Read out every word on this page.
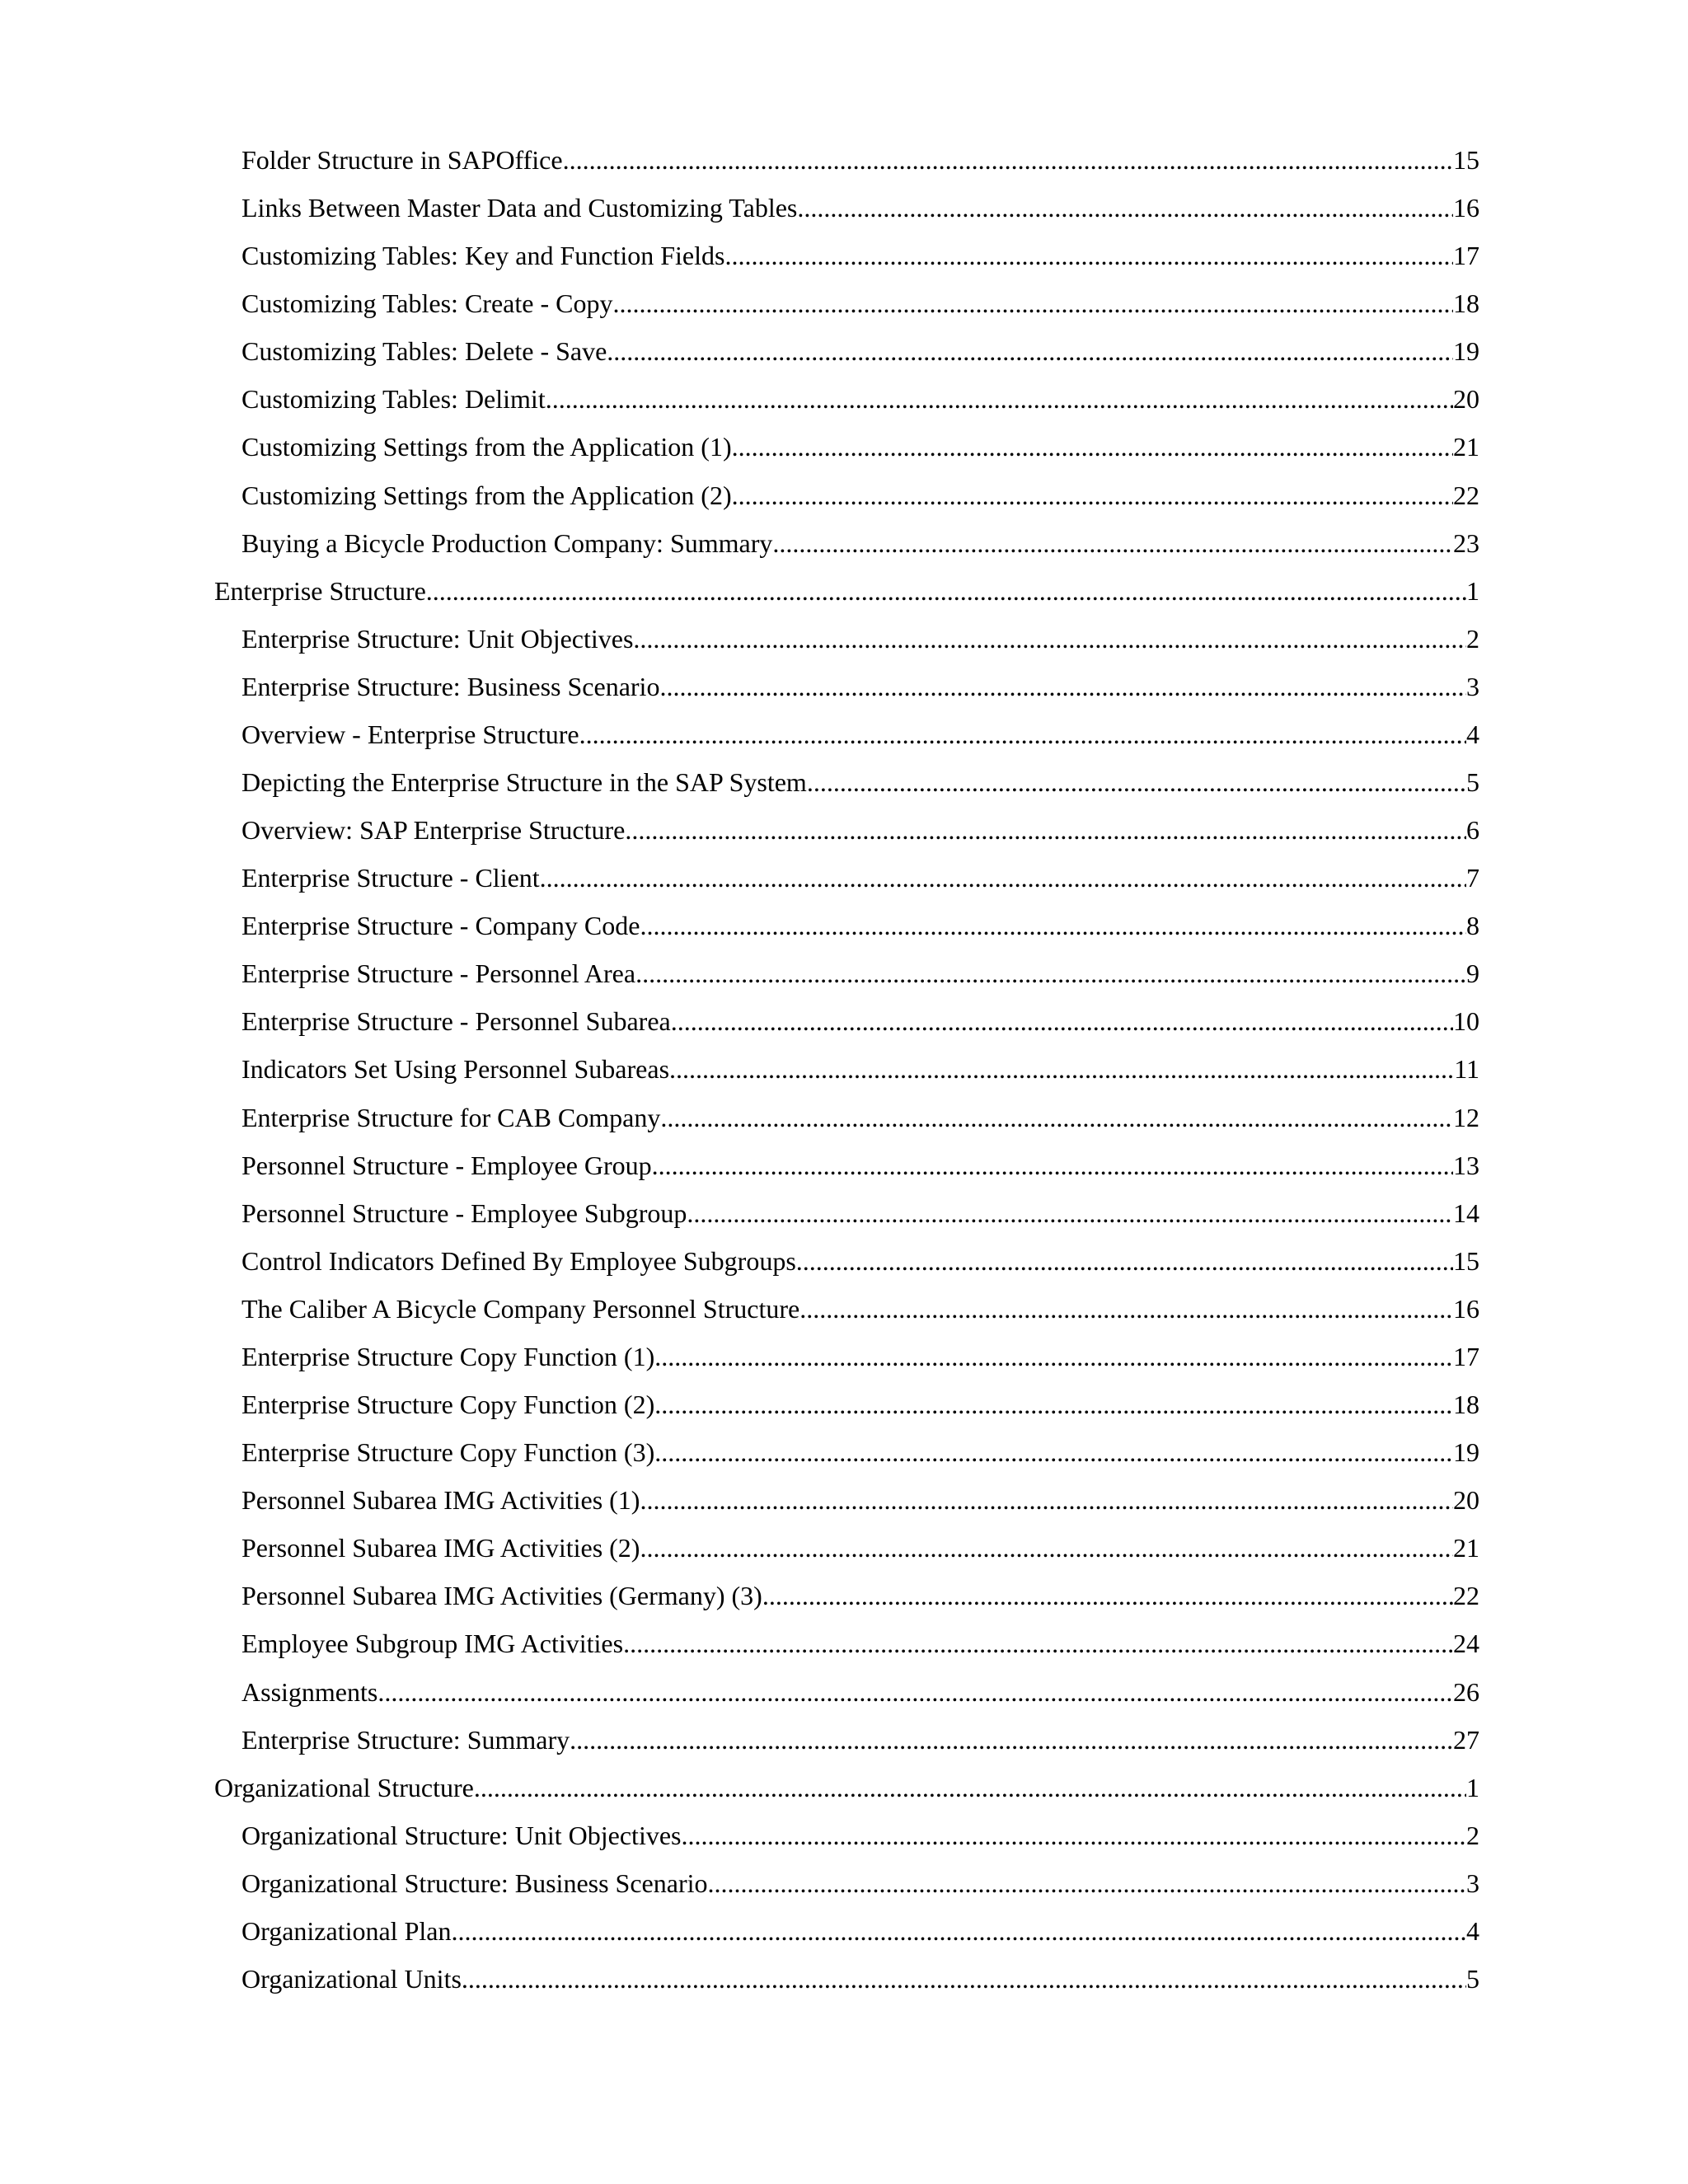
Folder Structure in SAPOffice .....	15
Links Between Master Data and Customizing Tables .....	16
Customizing Tables: Key and Function Fields .....	17
Customizing Tables: Create - Copy .....	18
Customizing Tables: Delete - Save .....	19
Customizing Tables: Delimit .....	20
Customizing Settings from the Application (1) .....	21
Customizing Settings from the Application (2) .....	22
Buying a Bicycle Production Company: Summary .....	23
Enterprise Structure .....	1
Enterprise Structure: Unit Objectives .....	2
Enterprise Structure: Business Scenario .....	3
Overview - Enterprise Structure .....	4
Depicting the Enterprise Structure in the SAP System .....	5
Overview: SAP Enterprise Structure .....	6
Enterprise Structure - Client .....	7
Enterprise Structure - Company Code .....	8
Enterprise Structure - Personnel Area .....	9
Enterprise Structure - Personnel Subarea .....	10
Indicators Set Using Personnel Subareas .....	11
Enterprise Structure for CAB Company .....	12
Personnel Structure - Employee Group .....	13
Personnel Structure - Employee Subgroup .....	14
Control Indicators Defined By Employee Subgroups .....	15
The Caliber A Bicycle Company Personnel Structure .....	16
Enterprise Structure Copy Function (1) .....	17
Enterprise Structure Copy Function (2) .....	18
Enterprise Structure Copy Function (3) .....	19
Personnel Subarea IMG Activities (1) .....	20
Personnel Subarea IMG Activities (2) .....	21
Personnel Subarea IMG Activities (Germany) (3) .....	22
Employee Subgroup IMG Activities .....	24
Assignments .....	26
Enterprise Structure: Summary .....	27
Organizational Structure .....	1
Organizational Structure: Unit Objectives .....	2
Organizational Structure: Business Scenario .....	3
Organizational Plan .....	4
Organizational Units .....	5
